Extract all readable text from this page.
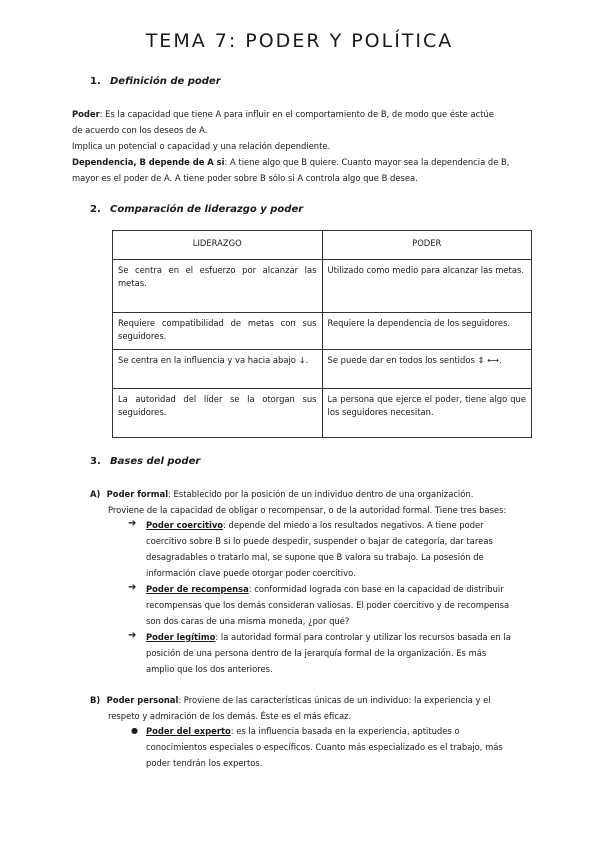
TEMA 7: PODER Y POLÍTICA
1. Definición de poder
Poder: Es la capacidad que tiene A para influir en el comportamiento de B, de modo que éste actúe
de acuerdo con los deseos de A.
Implica un potencial o capacidad y una relación dependiente.
Dependencia, B depende de A si: A tiene algo que B quiere. Cuanto mayor sea la dependencia de B,
mayor es el poder de A. A tiene poder sobre B sólo si A controla algo que B desea.
2. Comparación de liderazgo y poder
LIDERAZGO	PODER
Se centra en el esfuerzo por alcanzar las metas.	Utilizado como medio para alcanzar las metas.
Requiere compatibilidad de metas con sus seguidores.	Requiere la dependencia de los seguidores.
Se centra en la influencia y va hacia abajo ↓.	Se puede dar en todos los sentidos ⇕ ⟷.
La autoridad del líder se la otorgan sus seguidores.	La persona que ejerce el poder, tiene algo que los seguidores necesitan.
3. Bases del poder
A) Poder formal: Establecido por la posición de un individuo dentro de una organización.
Proviene de la capacidad de obligar o recompensar, o de la autoridad formal. Tiene tres bases:
➔ Poder coercitivo: depende del miedo a los resultados negativos. A tiene poder
coercitivo sobre B si lo puede despedir, suspender o bajar de categoría, dar tareas
desagradables o tratarlo mal, se supone que B valora su trabajo. La posesión de
información clave puede otorgar poder coercitivo.
➔ Poder de recompensa: conformidad lograda con base en la capacidad de distribuir
recompensas que los demás consideran valiosas. El poder coercitivo y de recompensa
son dos caras de una misma moneda, ¿por qué?
➔ Poder legítimo: la autoridad formal para controlar y utilizar los recursos basada en la
posición de una persona dentro de la jerarquía formal de la organización. Es más
amplio que los dos anteriores.
B) Poder personal: Proviene de las características únicas de un individuo: la experiencia y el
respeto y admiración de los demás. Éste es el más eficaz.
● Poder del experto: es la influencia basada en la experiencia, aptitudes o
conocimientos especiales o específicos. Cuanto más especializado es el trabajo, más
poder tendrán los expertos.
